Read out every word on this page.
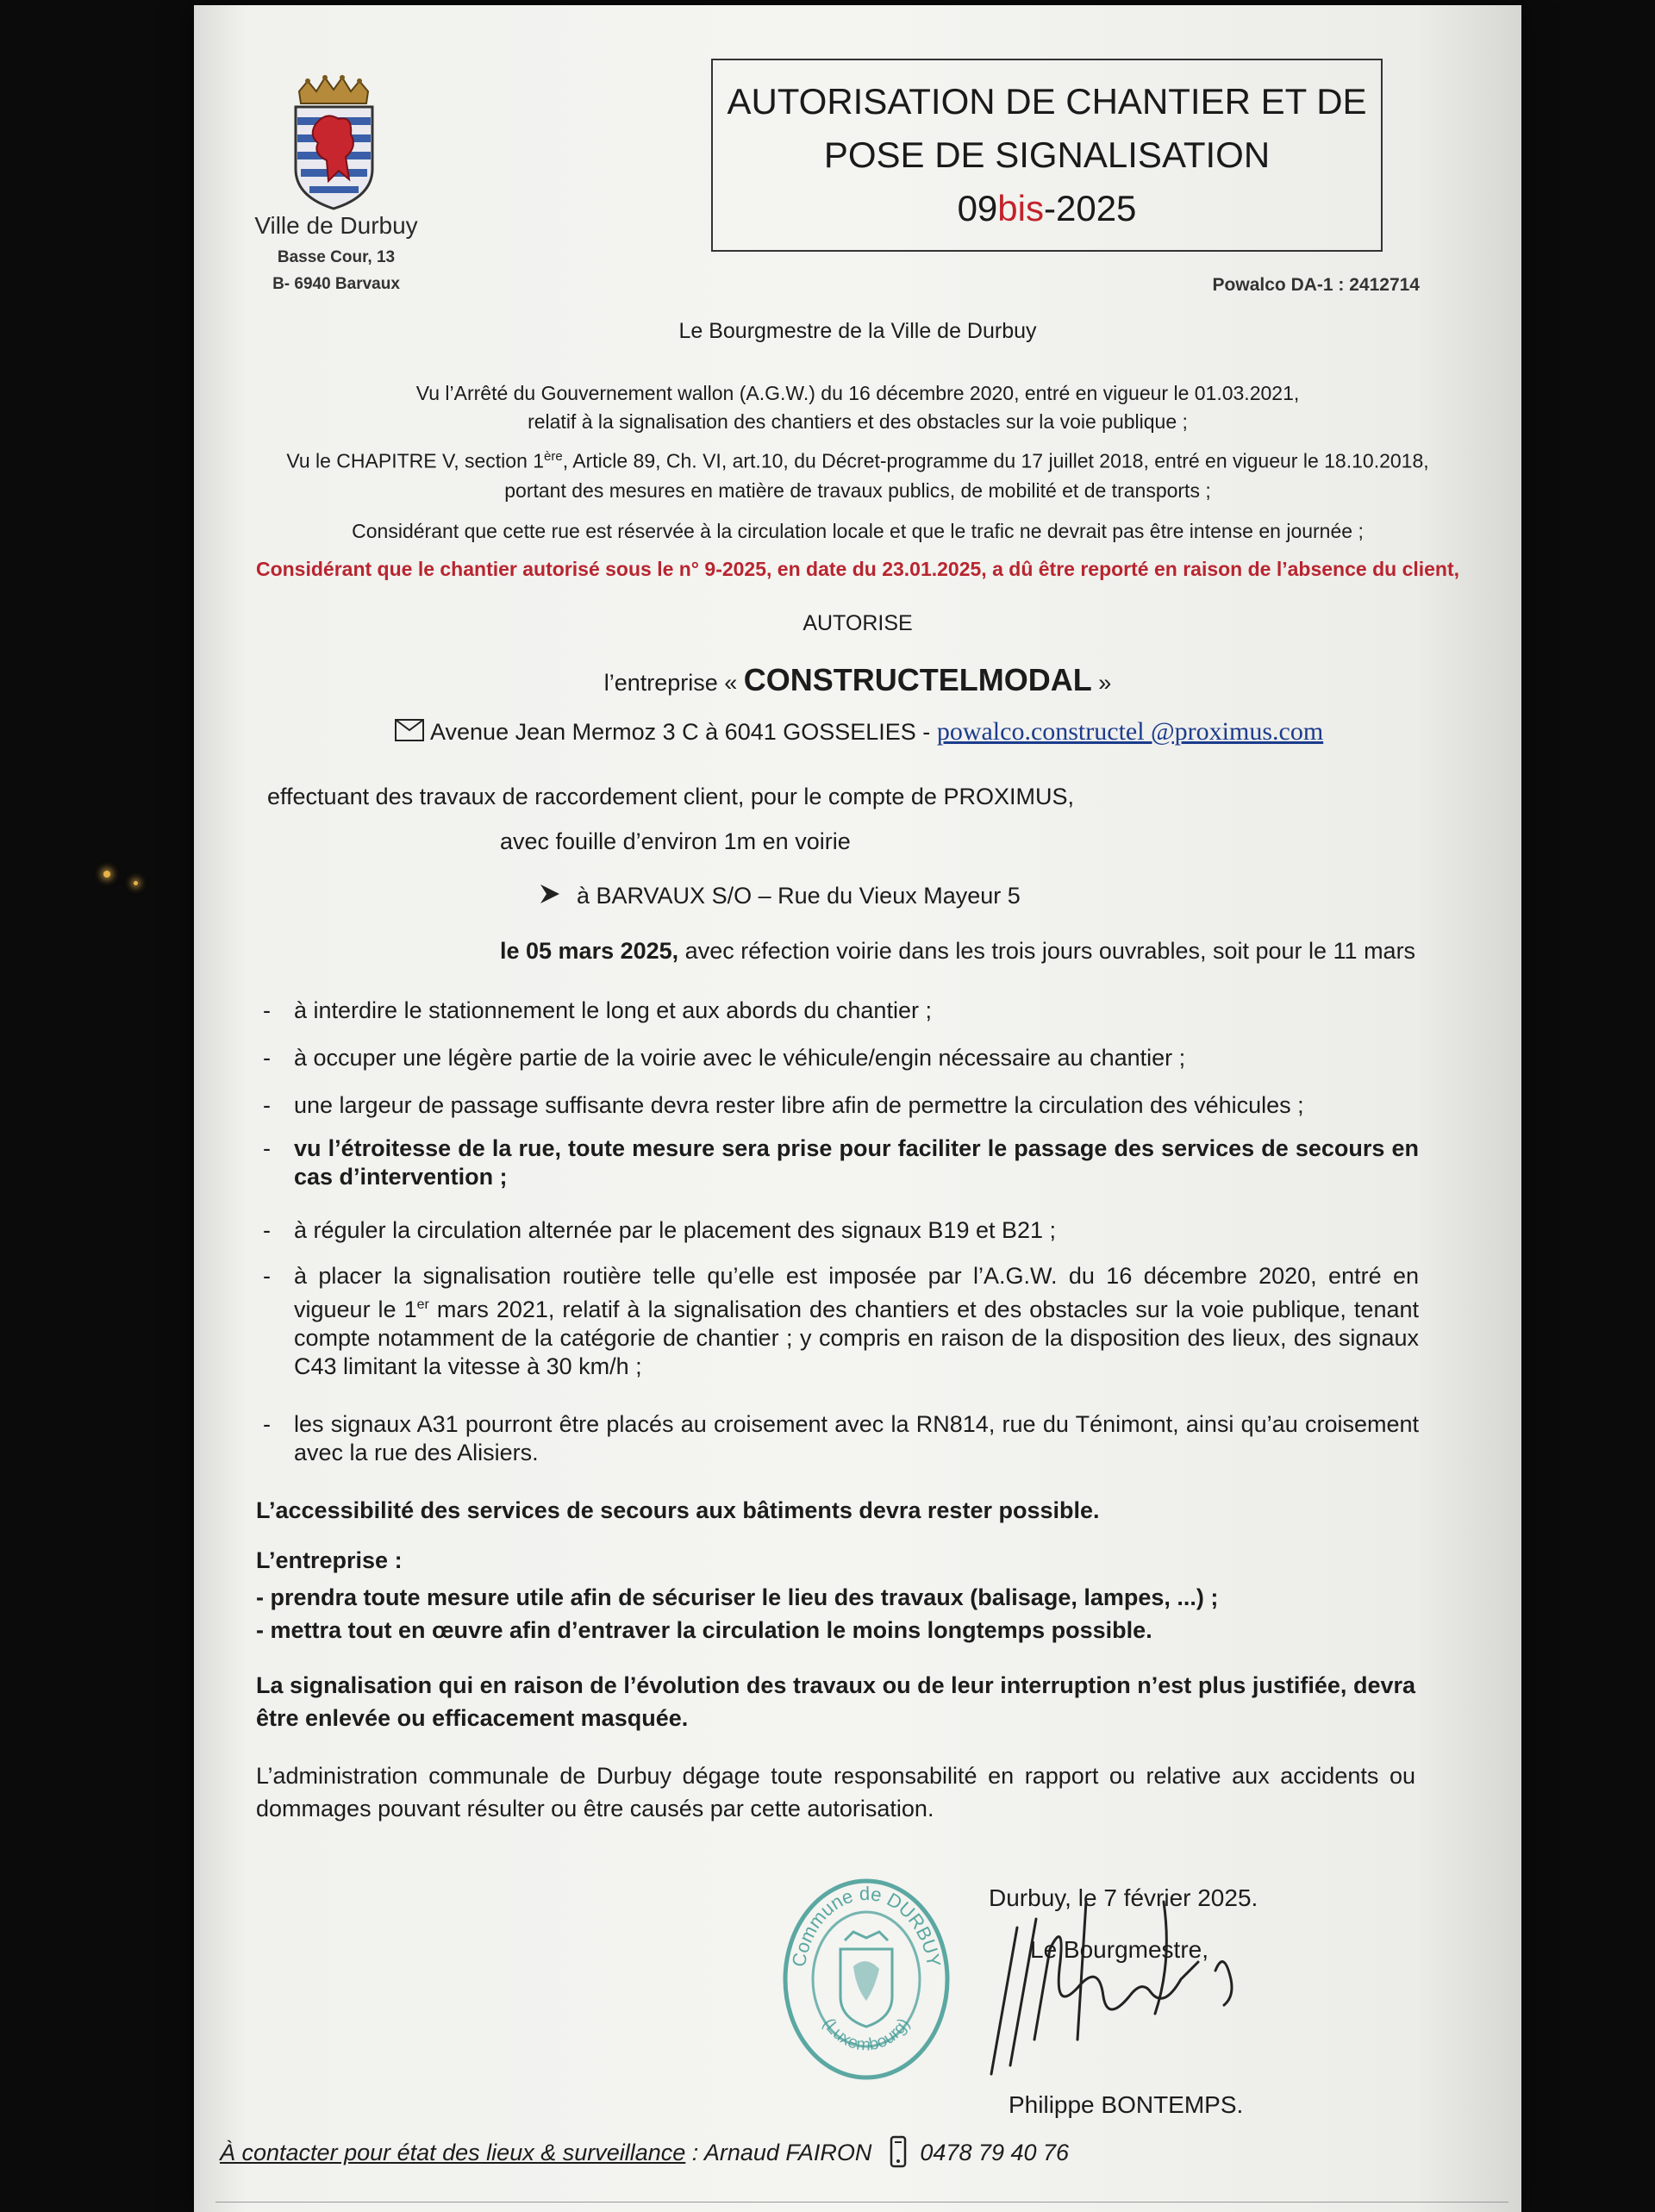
Ville de Durbuy
Basse Cour, 13
B- 6940 Barvaux
AUTORISATION DE CHANTIER ET DE
POSE DE SIGNALISATION
09bis-2025
Powalco DA-1 : 2412714
Le Bourgmestre de la Ville de Durbuy
Vu l’Arrêté du Gouvernement wallon (A.G.W.) du 16 décembre 2020, entré en vigueur le 01.03.2021,
relatif à la signalisation des chantiers et des obstacles sur la voie publique ;
Vu le CHAPITRE V, section 1ère, Article 89, Ch. VI, art.10, du Décret-programme du 17 juillet 2018, entré en vigueur le 18.10.2018,
portant des mesures en matière de travaux publics, de mobilité et de transports ;
Considérant que cette rue est réservée à la circulation locale et que le trafic ne devrait pas être intense en journée ;
Considérant que le chantier autorisé sous le n° 9-2025, en date du 23.01.2025, a dû être reporté en raison de l’absence du client,
AUTORISE
l’entreprise « CONSTRUCTELMODAL »
Avenue Jean Mermoz 3 C à 6041 GOSSELIES - powalco.constructel @proximus.com
effectuant des travaux de raccordement client, pour le compte de PROXIMUS,
avec fouille d’environ 1m en voirie
à BARVAUX S/O – Rue du Vieux Mayeur 5
le 05 mars 2025, avec réfection voirie dans les trois jours ouvrables, soit pour le 11 mars
- à interdire le stationnement le long et aux abords du chantier ;
- à occuper une légère partie de la voirie avec le véhicule/engin nécessaire au chantier ;
- une largeur de passage suffisante devra rester libre afin de permettre la circulation des véhicules ;
- vu l’étroitesse de la rue, toute mesure sera prise pour faciliter le passage des services de secours en cas d’intervention ;
- à réguler la circulation alternée par le placement des signaux B19 et B21 ;
- à placer la signalisation routière telle qu’elle est imposée par l’A.G.W. du 16 décembre 2020, entré en vigueur le 1er mars 2021, relatif à la signalisation des chantiers et des obstacles sur la voie publique, tenant compte notamment de la catégorie de chantier ; y compris en raison de la disposition des lieux, des signaux C43 limitant la vitesse à 30 km/h ;
- les signaux A31 pourront être placés au croisement avec la RN814, rue du Ténimont, ainsi qu’au croisement avec la rue des Alisiers.
L’accessibilité des services de secours aux bâtiments devra rester possible.
L’entreprise :
- prendra toute mesure utile afin de sécuriser le lieu des travaux (balisage, lampes, ...) ;
- mettra tout en œuvre afin d’entraver la circulation le moins longtemps possible.
La signalisation qui en raison de l’évolution des travaux ou de leur interruption n’est plus justifiée, devra être enlevée ou efficacement masquée.
L’administration communale de Durbuy dégage toute responsabilité en rapport ou relative aux accidents ou dommages pouvant résulter ou être causés par cette autorisation.
Commune de DURBUY
(Luxembourg)
Durbuy, le 7 février 2025.
Le Bourgmestre,
Philippe BONTEMPS.
À contacter pour état des lieux & surveillance : Arnaud FAIRON 0478 79 40 76
